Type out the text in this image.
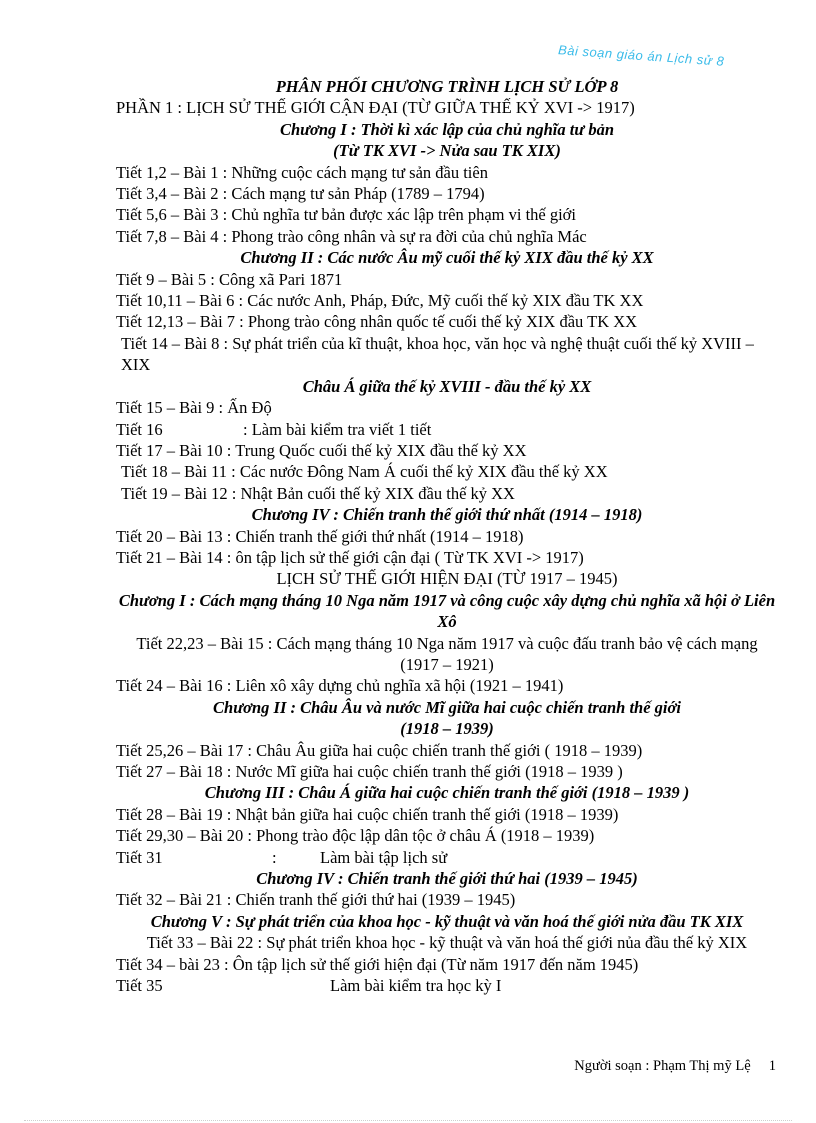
Bài soạn giáo án Lịch sử 8
PHÂN PHỐI CHƯƠNG TRÌNH LỊCH SỬ LỚP 8
PHẦN 1 : LỊCH SỬ THẾ GIỚI CẬN ĐẠI (TỪ GIỮA THẾ KỶ XVI -> 1917)
Chương I : Thời kì xác lập của chủ nghĩa tư bản
(Từ TK XVI -> Nửa sau TK XIX)
Tiết 1,2 – Bài 1 : Những cuộc cách mạng tư sản đầu tiên
Tiết 3,4 – Bài 2 : Cách mạng tư sản Pháp (1789 – 1794)
Tiết 5,6 – Bài 3 : Chủ nghĩa tư bản được xác lập trên phạm vi thế giới
Tiết 7,8 – Bài 4 : Phong trào công nhân và sự ra đời của chủ nghĩa Mác
Chương II : Các nước Âu mỹ cuối thế kỷ XIX đầu thế kỷ XX
Tiết 9 – Bài 5 : Công xã Pari 1871
Tiết 10,11 – Bài 6 : Các nước Anh, Pháp, Đức, Mỹ cuối thế kỷ XIX đầu TK XX
Tiết 12,13 – Bài 7 : Phong trào công nhân quốc tế cuối thế kỷ XIX đầu TK XX
Tiết 14 – Bài 8 : Sự phát triển của kĩ thuật, khoa học, văn học và nghệ thuật cuối thế kỷ XVIII – XIX
Châu Á giữa thế kỷ XVIII - đầu thế kỷ XX
Tiết 15 – Bài 9 : Ấn Độ
Tiết 16	: Làm bài kiểm tra viết 1 tiết
Tiết 17 – Bài 10 : Trung Quốc cuối thế kỷ XIX đầu thế kỷ XX
Tiết 18 – Bài 11 : Các nước Đông Nam Á cuối thế kỷ XIX đầu thế kỷ XX
Tiết 19 – Bài 12 : Nhật Bản cuối thế kỷ XIX đầu thế kỷ XX
Chương IV : Chiến tranh thế giới thứ nhất (1914 – 1918)
Tiết 20 – Bài 13 : Chiến tranh thế giới thứ nhất (1914 – 1918)
Tiết 21 – Bài 14 : ôn tập lịch sử thế giới cận đại ( Từ TK XVI -> 1917)
LỊCH SỬ THẾ GIỚI HIỆN ĐẠI (TỪ 1917 – 1945)
Chương I : Cách mạng tháng 10 Nga năm 1917 và công cuộc xây dựng chủ nghĩa xã hội ở Liên Xô
Tiết 22,23 – Bài 15 : Cách mạng tháng 10 Nga năm 1917 và cuộc đấu tranh bảo vệ cách mạng (1917 – 1921)
Tiết 24 – Bài 16 : Liên xô xây dựng chủ nghĩa xã hội (1921 – 1941)
Chương II : Châu Âu và nước Mĩ giữa hai cuộc chiến tranh thế giới
(1918 – 1939)
Tiết 25,26 – Bài 17 : Châu Âu giữa hai cuộc chiến tranh thế giới ( 1918 – 1939)
Tiết 27 – Bài 18 : Nước Mĩ giữa hai cuộc chiến tranh thế giới (1918 – 1939 )
Chương III : Châu Á giữa hai cuộc chiến tranh thế giới (1918 – 1939 )
Tiết 28 – Bài 19 : Nhật bản giữa hai cuộc chiến tranh thế giới (1918 – 1939)
Tiết 29,30 – Bài 20 : Phong trào độc lập dân tộc ở châu Á (1918 – 1939)
Tiết 31	:	Làm bài tập lịch sử
Chương IV : Chiến tranh thế giới thứ hai (1939 – 1945)
Tiết 32 – Bài 21 : Chiến tranh thế giới thứ hai (1939 – 1945)
Chương V : Sự phát triển của khoa học - kỹ thuật và văn hoá thế giới nửa đầu TK XIX
Tiết 33 – Bài 22 : Sự phát triển khoa học - kỹ thuật và văn hoá thế giới nủa đầu thế kỷ XIX
Tiết 34 – bài 23 : Ôn tập lịch sử thế giới hiện đại (Từ năm 1917 đến năm 1945)
Tiết 35	Làm bài kiểm tra học kỳ I
Người soạn : Phạm Thị mỹ Lệ     1
